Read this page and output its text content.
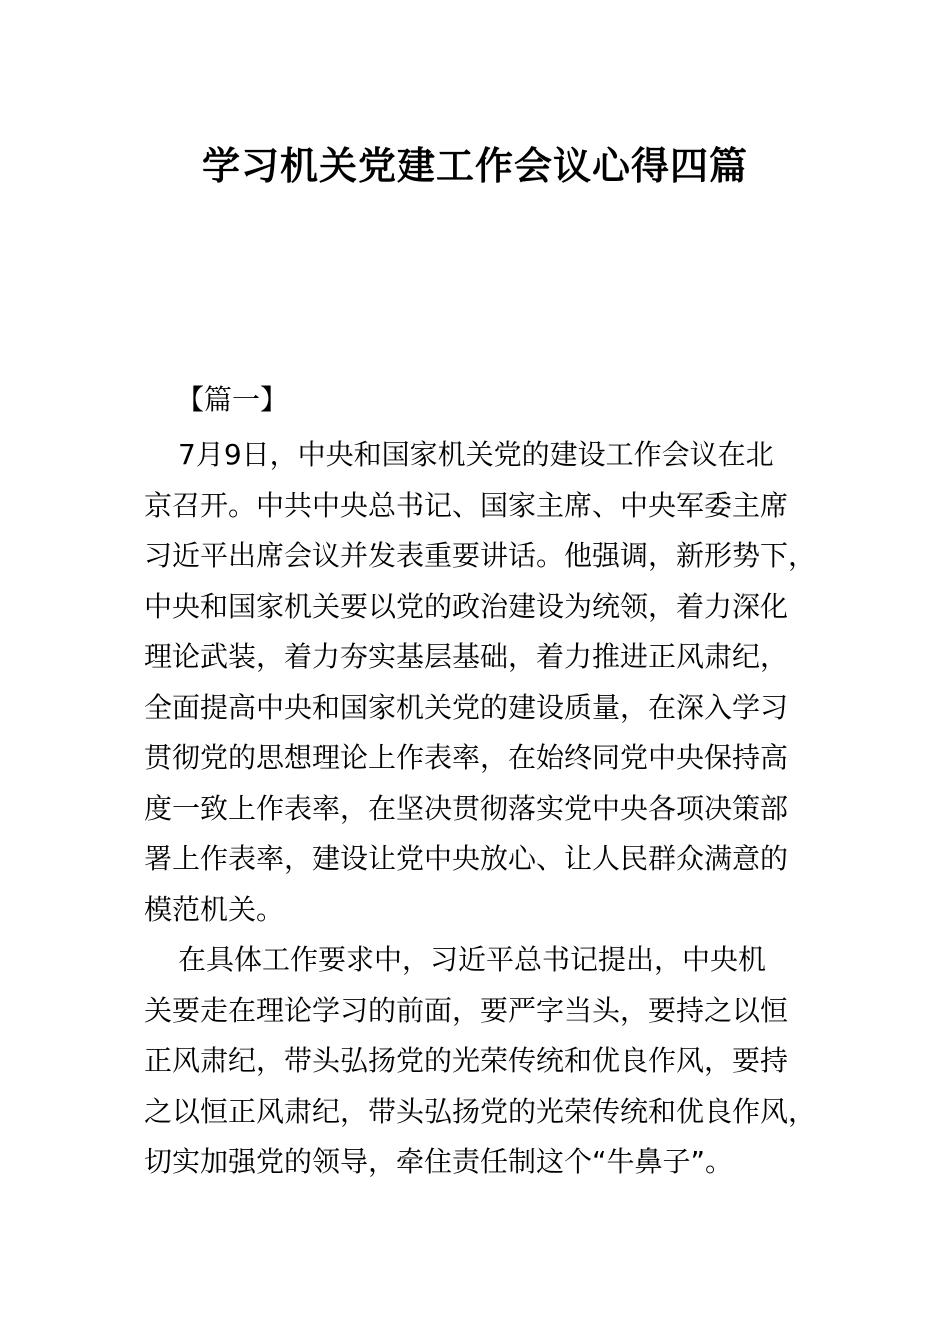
学习机关党建工作会议心得四篇
【篇一】
7月9日，中央和国家机关党的建设工作会议在北
京召开。中共中央总书记、国家主席、中央军委主席
习近平出席会议并发表重要讲话。他强调，新形势下，
中央和国家机关要以党的政治建设为统领，着力深化
理论武装，着力夯实基层基础，着力推进正风肃纪，
全面提高中央和国家机关党的建设质量，在深入学习
贯彻党的思想理论上作表率，在始终同党中央保持高
度一致上作表率，在坚决贯彻落实党中央各项决策部
署上作表率，建设让党中央放心、让人民群众满意的
模范机关。
在具体工作要求中，习近平总书记提出，中央机
关要走在理论学习的前面，要严字当头，要持之以恒
正风肃纪，带头弘扬党的光荣传统和优良作风，要持
之以恒正风肃纪，带头弘扬党的光荣传统和优良作风，
切实加强党的领导，牵住责任制这个“牛鼻子”。
